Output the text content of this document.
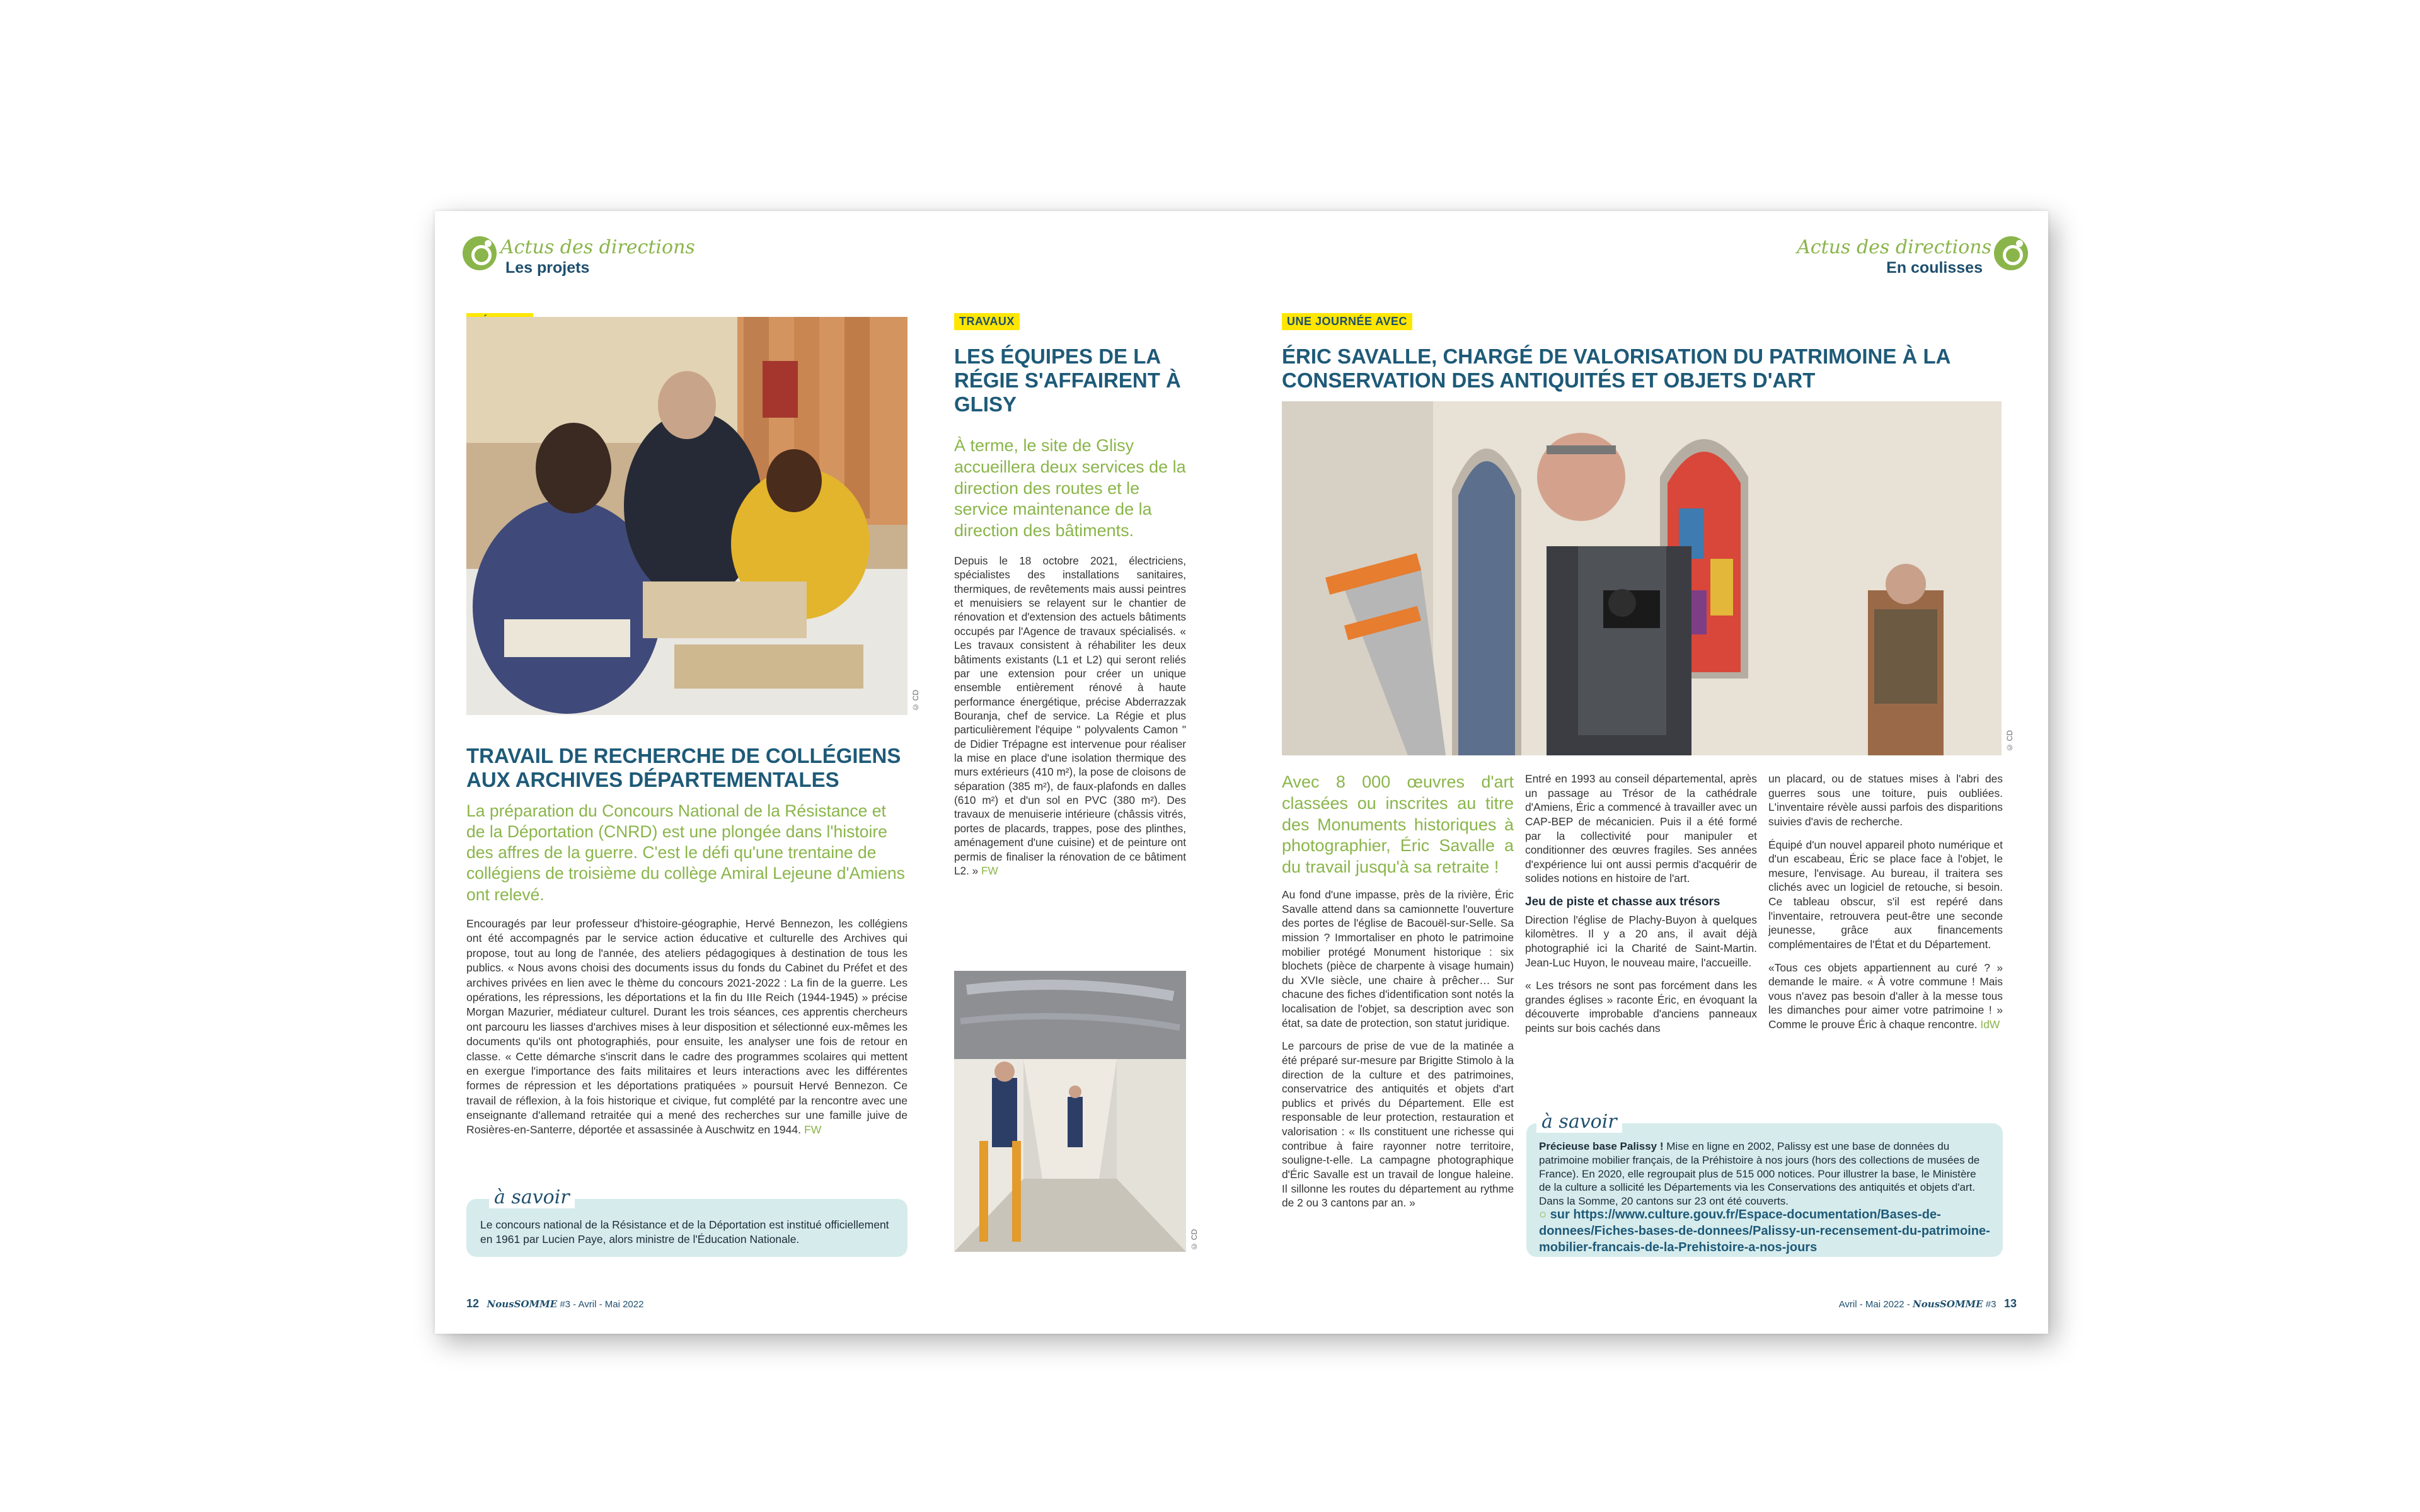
Actus des directions
Les projets
Actus des directions
En coulisses
© CD
TRAVAIL DE RECHERCHE DE COLLÉGIENS AUX ARCHIVES DÉPARTEMENTALES
La préparation du Concours National de la Résistance et de la Déportation (CNRD) est une plongée dans l'histoire des affres de la guerre. C'est le défi qu'une trentaine de collégiens de troisième du collège Amiral Lejeune d'Amiens ont relevé.
Encouragés par leur professeur d'histoire-géographie, Hervé Bennezon, les collégiens ont été accompagnés par le service action éducative et culturelle des Archives qui propose, tout au long de l'année, des ateliers pédagogiques à destination de tous les publics. « Nous avons choisi des documents issus du fonds du Cabinet du Préfet et des archives privées en lien avec le thème du concours 2021-2022 : La fin de la guerre. Les opérations, les répressions, les déportations et la fin du IIIe Reich (1944-1945) » précise Morgan Mazurier, médiateur culturel. Durant les trois séances, ces apprentis chercheurs ont parcouru les liasses d'archives mises à leur disposition et sélectionné eux-mêmes les documents qu'ils ont photographiés, pour ensuite, les analyser une fois de retour en classe. « Cette démarche s'inscrit dans le cadre des programmes scolaires qui mettent en exergue l'importance des faits militaires et leurs interactions avec les différentes formes de répression et les déportations pratiquées » poursuit Hervé Bennezon. Ce travail de réflexion, à la fois historique et civique, fut complété par la rencontre avec une enseignante d'allemand retraitée qui a mené des recherches sur une famille juive de Rosières-en-Santerre, déportée et assassinée à Auschwitz en 1944. FW
à savoir
Le concours national de la Résistance et de la Déportation est institué officiellement en 1961 par Lucien Paye, alors ministre de l'Éducation Nationale.
TRAVAUX
LES ÉQUIPES DE LA RÉGIE S'AFFAIRENT À GLISY
À terme, le site de Glisy accueillera deux services de la direction des routes et le service maintenance de la direction des bâtiments.
Depuis le 18 octobre 2021, électriciens, spécialistes des installations sanitaires, thermiques, de revêtements mais aussi peintres et menuisiers se relayent sur le chantier de rénovation et d'extension des actuels bâtiments occupés par l'Agence de travaux spécialisés. « Les travaux consistent à réhabiliter les deux bâtiments existants (L1 et L2) qui seront reliés par une extension pour créer un unique ensemble entièrement rénové à haute performance énergétique, précise Abderrazzak Bouranja, chef de service. La Régie et plus particulièrement l'équipe " polyvalents Camon " de Didier Trépagne est intervenue pour réaliser la mise en place d'une isolation thermique des murs extérieurs (410 m²), la pose de cloisons de séparation (385 m²), de faux-plafonds en dalles (610 m²) et d'un sol en PVC (380 m²). Des travaux de menuiserie intérieure (châssis vitrés, portes de placards, trappes, pose des plinthes, aménagement d'une cuisine) et de peinture ont permis de finaliser la rénovation de ce bâtiment L2. » FW
© CD
UNE JOURNÉE AVEC
ÉRIC SAVALLE, CHARGÉ DE VALORISATION DU PATRIMOINE À LA CONSERVATION DES ANTIQUITÉS ET OBJETS D'ART
© CD
Avec 8 000 œuvres d'art classées ou inscrites au titre des Monuments historiques à photographier, Éric Savalle a du travail jusqu'à sa retraite !

Au fond d'une impasse, près de la rivière, Éric Savalle attend dans sa camionnette l'ouverture des portes de l'église de Bacouël-sur-Selle. Sa mission ? Immortaliser en photo le patrimoine mobilier protégé Monument historique : six blochets (pièce de charpente à visage humain) du XVIe siècle, une chaire à prêcher… Sur chacune des fiches d'identification sont notés la localisation de l'objet, sa description avec son état, sa date de protection, son statut juridique.

Le parcours de prise de vue de la matinée a été préparé sur-mesure par Brigitte Stimolo à la direction de la culture et des patrimoines, conservatrice des antiquités et objets d'art publics et privés du Département. Elle est responsable de leur protection, restauration et valorisation : « Ils constituent une richesse qui contribue à faire rayonner notre territoire, souligne-t-elle. La campagne photographique d'Éric Savalle est un travail de longue haleine. Il sillonne les routes du département au rythme de 2 ou 3 cantons par an. »

Entré en 1993 au conseil départemental, après un passage au Trésor de la cathédrale d'Amiens, Éric a commencé à travailler avec un CAP-BEP de mécanicien. Puis il a été formé par la collectivité pour manipuler et conditionner des œuvres fragiles. Ses années d'expérience lui ont aussi permis d'acquérir de solides notions en histoire de l'art.

Jeu de piste et chasse aux trésors

Direction l'église de Plachy-Buyon à quelques kilomètres. Il y a 20 ans, il avait déjà photographié ici la Charité de Saint-Martin. Jean-Luc Huyon, le nouveau maire, l'accueille.

« Les trésors ne sont pas forcément dans les grandes églises » raconte Éric, en évoquant la découverte improbable d'anciens panneaux peints sur bois cachés dans

un placard, ou de statues mises à l'abri des guerres sous une toiture, puis oubliées. L'inventaire révèle aussi parfois des disparitions suivies d'avis de recherche.

Équipé d'un nouvel appareil photo numérique et d'un escabeau, Éric se place face à l'objet, le mesure, l'envisage. Au bureau, il traitera ses clichés avec un logiciel de retouche, si besoin. Ce tableau obscur, s'il est repéré dans l'inventaire, retrouvera peut-être une seconde jeunesse, grâce aux financements complémentaires de l'État et du Département.

«Tous ces objets appartiennent au curé ? » demande le maire. « À votre commune ! Mais vous n'avez pas besoin d'aller à la messe tous les dimanches pour aimer votre patrimoine ! » Comme le prouve Éric à chaque rencontre. IdW

à savoir
Précieuse base Palissy ! Mise en ligne en 2002, Palissy est une base de données du patrimoine mobilier français, de la Préhistoire à nos jours (hors des collections de musées de France). En 2020, elle regroupait plus de 515 000 notices. Pour illustrer la base, le Ministère de la culture a sollicité les Départements via les Conservations des antiquités et objets d'art. Dans la Somme, 20 cantons sur 23 ont été couverts.
○ sur https://www.culture.gouv.fr/Espace-documentation/Bases-de-donnees/Fiches-bases-de-donnees/Palissy-un-recensement-du-patrimoine-mobilier-francais-de-la-Prehistoire-a-nos-jours
12 NousSOMME #3 - Avril - Mai 2022	Avril - Mai 2022 - NousSOMME #3 13
